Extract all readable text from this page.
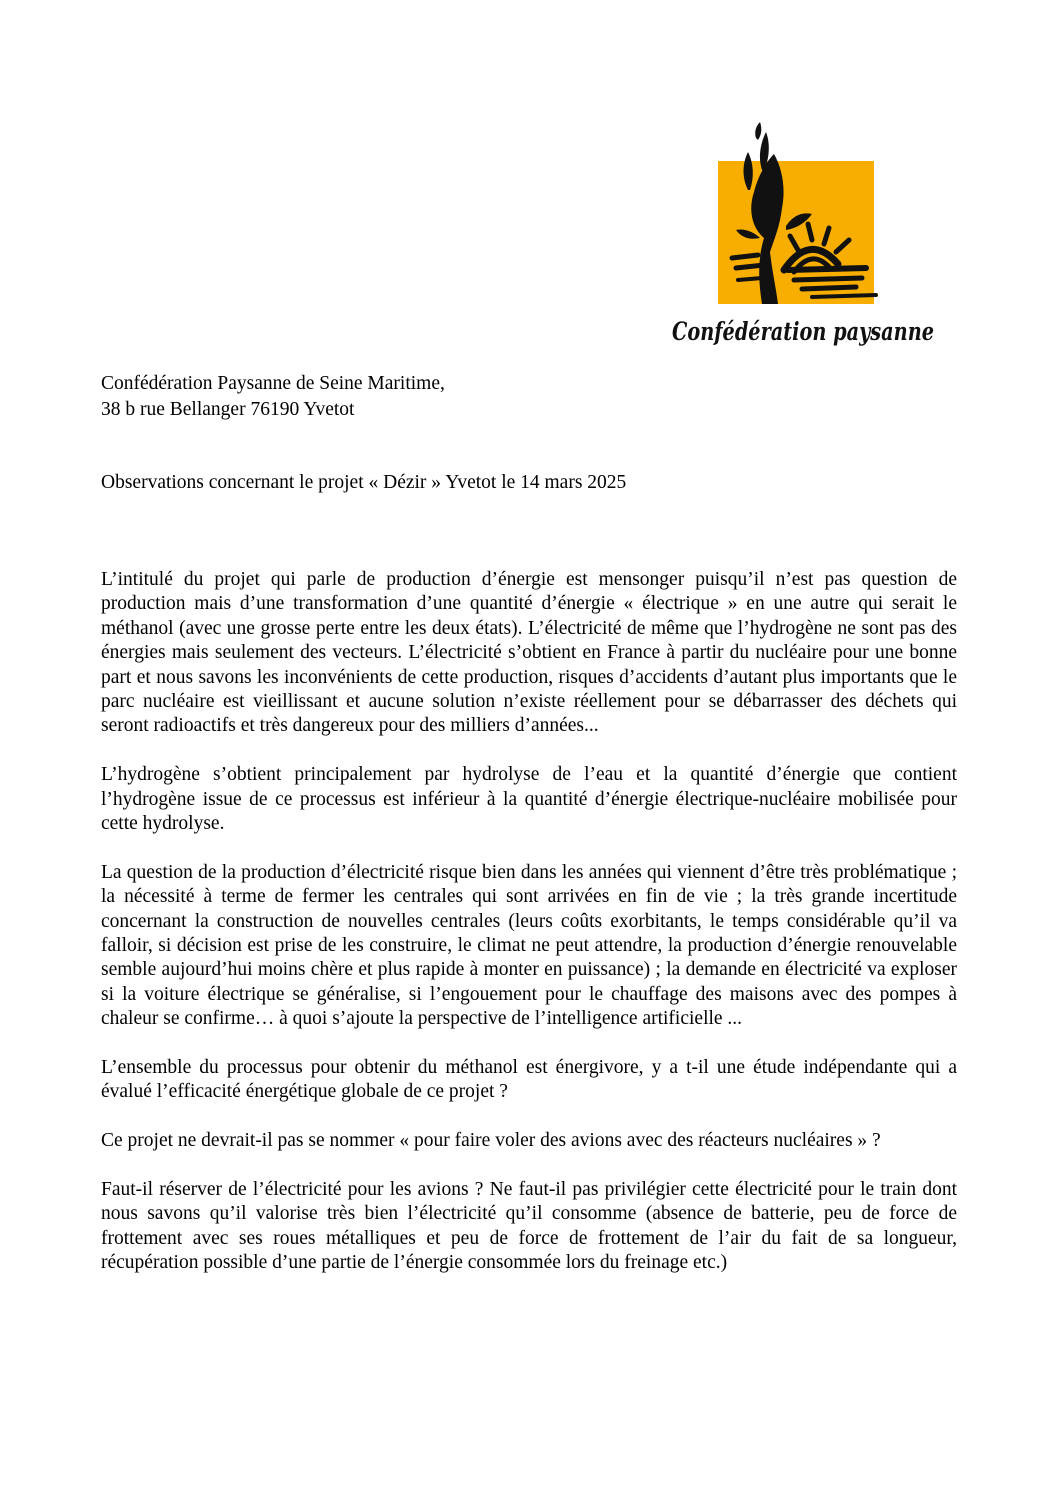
Confédération paysanne
Confédération Paysanne de Seine Maritime,
38 b rue Bellanger 76190 Yvetot
Observations concernant le projet « Dézir » Yvetot le 14 mars 2025

L’intitulé du projet qui parle de production d’énergie est mensonger puisqu’il n’est pas question de production mais d’une transformation d’une quantité d’énergie « électrique » en une autre qui serait le méthanol (avec une grosse perte entre les deux états). L’électricité de même que l’hydrogène ne sont pas des énergies mais seulement des vecteurs. L’électricité s’obtient en France à partir du nucléaire pour une bonne part et nous savons les inconvénients de cette production, risques d’accidents d’autant plus importants que le parc nucléaire est vieillissant et aucune solution n’existe réellement pour se débarrasser des déchets qui seront radioactifs et très dangereux pour des milliers d’années...

L’hydrogène s’obtient principalement par hydrolyse de l’eau et la quantité d’énergie que contient l’hydrogène issue de ce processus est inférieur à la quantité d’énergie électrique-nucléaire mobilisée pour cette hydrolyse.

La question de la production d’électricité risque bien dans les années qui viennent d’être très problématique ; la nécessité à terme de fermer les centrales qui sont arrivées en fin de vie ; la très grande incertitude concernant la construction de nouvelles centrales (leurs coûts exorbitants, le temps considérable qu’il va falloir, si décision est prise de les construire, le climat ne peut attendre, la production d’énergie renouvelable semble aujourd’hui moins chère et plus rapide à monter en puissance) ; la demande en électricité va exploser si la voiture électrique se généralise, si l’engouement pour le chauffage des maisons avec des pompes à chaleur se confirme… à quoi s’ajoute la perspective de l’intelligence artificielle ...

L’ensemble du processus pour obtenir du méthanol est énergivore, y a t-il une étude indépendante qui a évalué l’efficacité énergétique globale de ce projet ?

Ce projet ne devrait-il pas se nommer « pour faire voler des avions avec des réacteurs nucléaires » ?

Faut-il réserver de l’électricité pour les avions ? Ne faut-il pas privilégier cette électricité pour le train dont nous savons qu’il valorise très bien l’électricité qu’il consomme (absence de batterie, peu de force de frottement avec ses roues métalliques et peu de force de frottement de l’air du fait de sa longueur, récupération possible d’une partie de l’énergie consommée lors du freinage etc.)
